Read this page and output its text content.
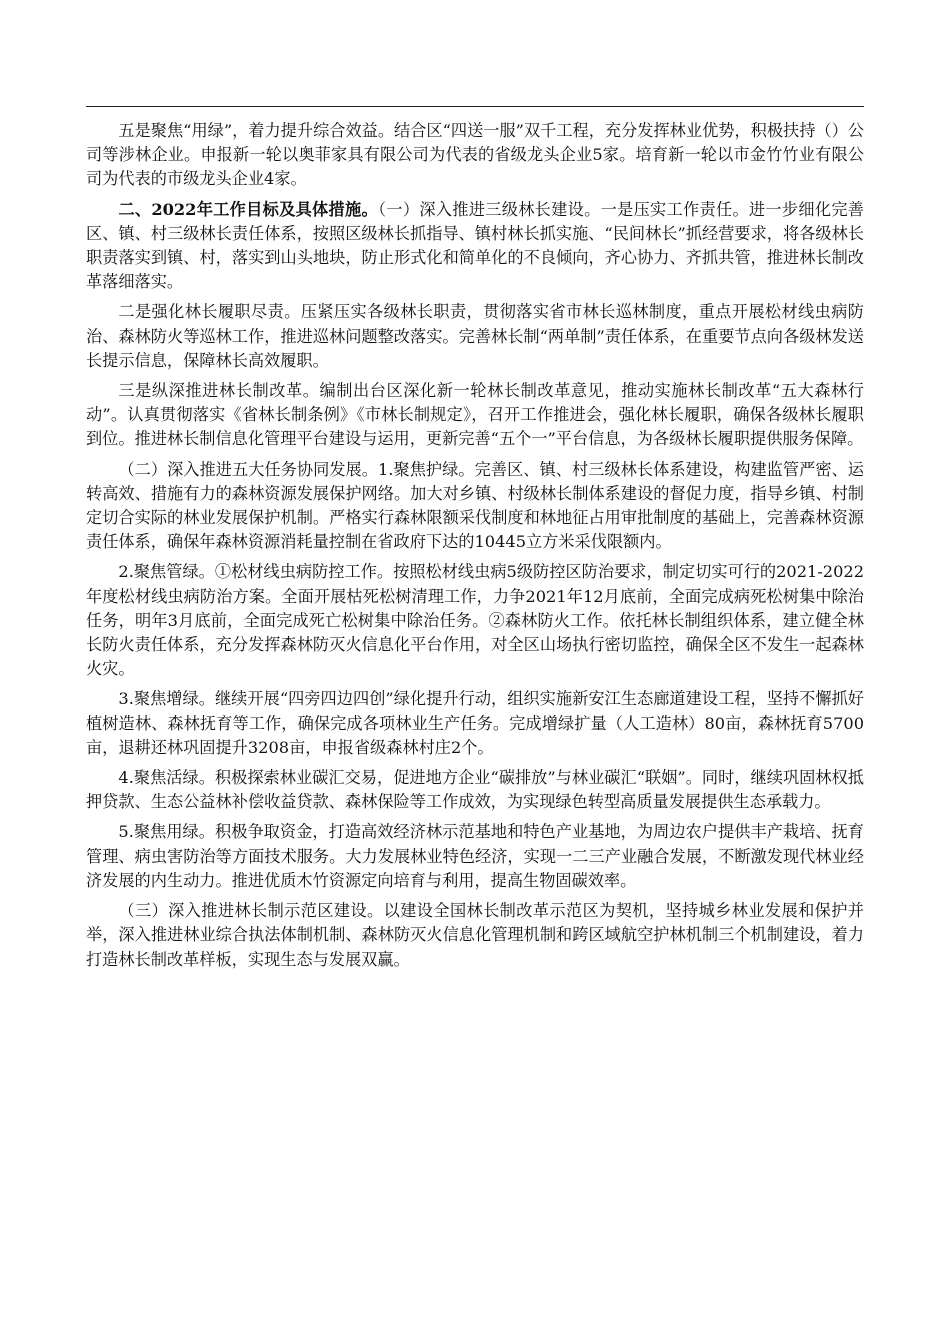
五是聚焦“用绿”，着力提升综合效益。结合区“四送一服”双千工程，充分发挥林业优势，积极扶持（）公司等涉林企业。申报新一轮以奥菲家具有限公司为代表的省级龙头企业5家。培育新一轮以市金竹竹业有限公司为代表的市级龙头企业4家。

二、2022年工作目标及具体措施。（一）深入推进三级林长建设。一是压实工作责任。进一步细化完善区、镇、村三级林长责任体系，按照区级林长抓指导、镇村林长抓实施、“民间林长”抓经营要求，将各级林长职责落实到镇、村，落实到山头地块，防止形式化和简单化的不良倾向，齐心协力、齐抓共管，推进林长制改革落细落实。

二是强化林长履职尽责。压紧压实各级林长职责，贯彻落实省市林长巡林制度，重点开展松材线虫病防治、森林防火等巡林工作，推进巡林问题整改落实。完善林长制“两单制”责任体系，在重要节点向各级林发送长提示信息，保障林长高效履职。

三是纵深推进林长制改革。编制出台区深化新一轮林长制改革意见，推动实施林长制改革“五大森林行动”。认真贯彻落实《省林长制条例》《市林长制规定》，召开工作推进会，强化林长履职，确保各级林长履职到位。推进林长制信息化管理平台建设与运用，更新完善“五个一”平台信息，为各级林长履职提供服务保障。

（二）深入推进五大任务协同发展。1.聚焦护绿。完善区、镇、村三级林长体系建设，构建监管严密、运转高效、措施有力的森林资源发展保护网络。加大对乡镇、村级林长制体系建设的督促力度，指导乡镇、村制定切合实际的林业发展保护机制。严格实行森林限额采伐制度和林地征占用审批制度的基础上，完善森林资源责任体系，确保年森林资源消耗量控制在省政府下达的10445立方米采伐限额内。

2.聚焦管绿。①松材线虫病防控工作。按照松材线虫病5级防控区防治要求，制定切实可行的2021-2022年度松材线虫病防治方案。全面开展枯死松树清理工作，力争2021年12月底前，全面完成病死松树集中除治任务，明年3月底前，全面完成死亡松树集中除治任务。②森林防火工作。依托林长制组织体系，建立健全林长防火责任体系，充分发挥森林防灭火信息化平台作用，对全区山场执行密切监控，确保全区不发生一起森林火灾。

3.聚焦增绿。继续开展“四旁四边四创”绿化提升行动，组织实施新安江生态廊道建设工程，坚持不懈抓好植树造林、森林抚育等工作，确保完成各项林业生产任务。完成增绿扩量（人工造林）80亩，森林抚育5700亩，退耕还林巩固提升3208亩，申报省级森林村庄2个。

4.聚焦活绿。积极探索林业碳汇交易，促进地方企业“碳排放”与林业碳汇“联姻”。同时，继续巩固林权抵押贷款、生态公益林补偿收益贷款、森林保险等工作成效，为实现绿色转型高质量发展提供生态承载力。

5.聚焦用绿。积极争取资金，打造高效经济林示范基地和特色产业基地，为周边农户提供丰产栽培、抚育管理、病虫害防治等方面技术服务。大力发展林业特色经济，实现一二三产业融合发展，不断激发现代林业经济发展的内生动力。推进优质木竹资源定向培育与利用，提高生物固碳效率。

（三）深入推进林长制示范区建设。以建设全国林长制改革示范区为契机，坚持城乡林业发展和保护并举，深入推进林业综合执法体制机制、森林防灭火信息化管理机制和跨区域航空护林机制三个机制建设，着力打造林长制改革样板，实现生态与发展双赢。
